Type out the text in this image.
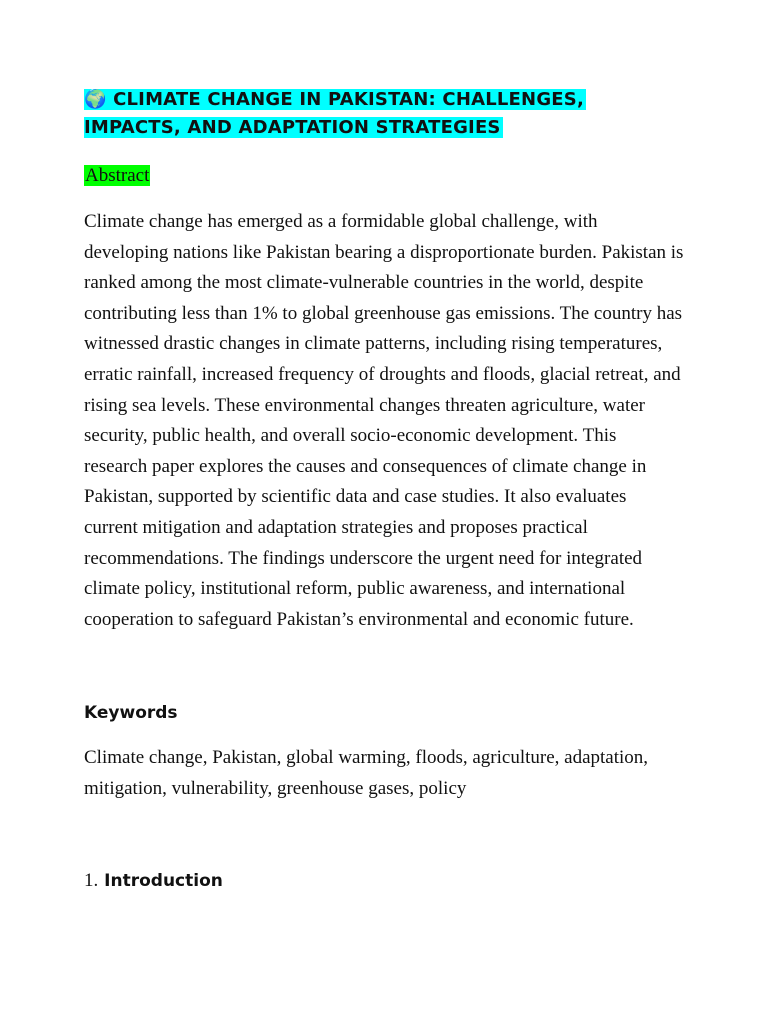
🌍 CLIMATE CHANGE IN PAKISTAN: CHALLENGES, IMPACTS, AND ADAPTATION STRATEGIES

Abstract

Climate change has emerged as a formidable global challenge, with developing nations like Pakistan bearing a disproportionate burden. Pakistan is ranked among the most climate-vulnerable countries in the world, despite contributing less than 1% to global greenhouse gas emissions. The country has witnessed drastic changes in climate patterns, including rising temperatures, erratic rainfall, increased frequency of droughts and floods, glacial retreat, and rising sea levels. These environmental changes threaten agriculture, water security, public health, and overall socio-economic development. This research paper explores the causes and consequences of climate change in Pakistan, supported by scientific data and case studies. It also evaluates current mitigation and adaptation strategies and proposes practical recommendations. The findings underscore the urgent need for integrated climate policy, institutional reform, public awareness, and international cooperation to safeguard Pakistan’s environmental and economic future.

Keywords

Climate change, Pakistan, global warming, floods, agriculture, adaptation, mitigation, vulnerability, greenhouse gases, policy

1. Introduction
